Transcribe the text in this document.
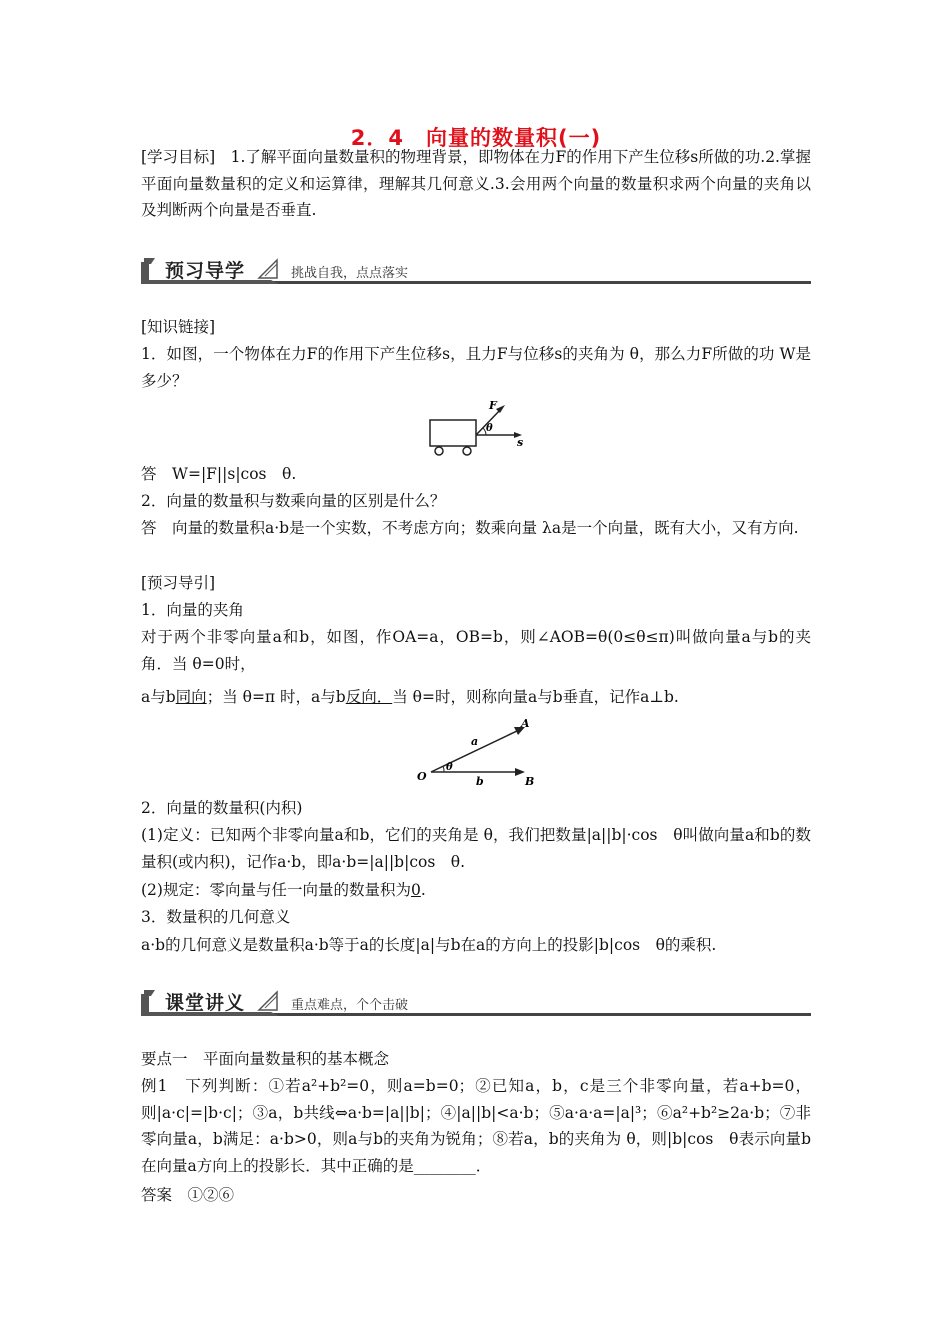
2．4　向量的数量积(一)
[学习目标]　1.了解平面向量数量积的物理背景，即物体在力F的作用下产生位移s所做的功.2.掌握平面向量数量积的定义和运算律，理解其几何意义.3.会用两个向量的数量积求两个向量的夹角以及判断两个向量是否垂直.
预习导学	挑战自我，点点落实
[知识链接]
1．如图，一个物体在力F的作用下产生位移s，且力F与位移s的夹角为 θ，那么力F所做的功 W是多少？
F
θ
s
答　 W=|F||s|cos　θ.
2．向量的数量积与数乘向量的区别是什么？
答　向量的数量积a·b是一个实数，不考虑方向；数乘向量 λa是一个向量，既有大小，又有方向.
[预习导引]
1．向量的夹角
对于两个非零向量a和b，如图，作OA=a，OB=b，则∠AOB=θ(0≤θ≤π)叫做向量a与b的夹角．当 θ=0时，
a与b同向；当 θ=π 时，a与b反向．当 θ=时，则称向量a与b垂直，记作a⊥b.
A
a
θ
O	b	B
2．向量的数量积(内积)
(1)定义：已知两个非零向量a和b，它们的夹角是 θ，我们把数量|a||b|·cos　θ叫做向量a和b的数量积(或内积)，记作a·b，即a·b=|a||b|cos　θ.
(2)规定：零向量与任一向量的数量积为0.
3．数量积的几何意义
a·b的几何意义是数量积a·b等于a的长度|a|与b在a的方向上的投影|b|cos　θ的乘积.
课堂讲义	重点难点，个个击破
要点一　平面向量数量积的基本概念
例1　下列判断：①若a²+b²=0，则a=b=0；②已知a，b，c是三个非零向量，若a+b=0，则|a·c|=|b·c|；③a，b共线⇔a·b=|a||b|；④|a||b|<a·b；⑤a·a·a=|a|³；⑥a²+b²≥2a·b；⑦非零向量a，b满足：a·b>0，则a与b的夹角为锐角；⑧若a，b的夹角为 θ，则|b|cos　θ表示向量b在向量a方向上的投影长．其中正确的是________．
答案　 ①②⑥
